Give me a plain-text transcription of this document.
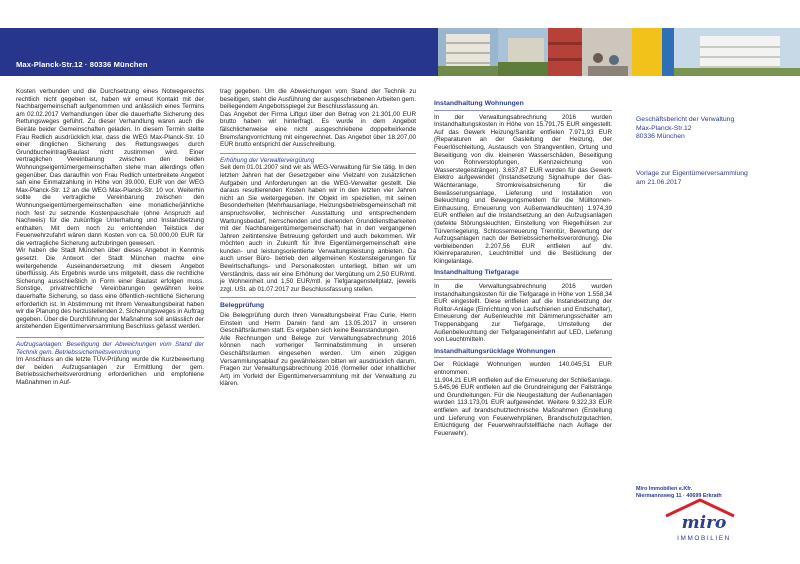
Max-Planck-Str.12 · 80336 München

Kosten verbunden und die Durchsetzung eines Notwegerechts rechtlich nicht gegeben ist, haben wir erneut Kontakt mit der Nachbargemeinschaft aufgenommen und anlässlich eines Termins am 02.02.2017 Verhandlungen über die dauerhafte Sicherung des Rettungsweges geführt. Zu dieser Verhandlung waren auch die Beiräte beider Gemeinschaften geladen. In diesem Termin stellte Frau Redlich ausdrücklich klar, dass die WEG Max-Planck-Str. 10 einer dinglichen Sicherung des Rettungsweges durch Grundbucheintrag/Baulast nicht zustimmen wird. Einer vertraglichen Vereinbarung zwischen den beiden Wohnungseigentümergemeinschaften stehe man allerdings offen gegenüber. Das daraufhin von Frau Redlich unterbreitete Angebot sah eine Einmalzahlung in Höhe von 39.000, EUR von der WEG Max-Planck-Str. 12 an die WEG Max-Planck-Str. 10 vor. Weiterhin sollte die vertragliche Vereinbarung zwischen den Wohnungseigentümergemeinschaften eine monatliche/jährliche noch fest zu setzende Kostenpauschale (ohne Anspruch auf Nachweis) für die zukünftige Unterhaltung und Instandsetzung enthalten. Mit dem noch zu errichtenden Teilstück der Feuerwehrzufahrt wären dann Kosten von ca. 50.000,00 EUR für die vertragliche Sicherung aufzubringen gewesen.

Wir haben die Stadt München über dieses Angebot in Kenntnis gesetzt. Die Antwort der Stadt München machte eine weitergehende Auseinandersetzung mit diesem Angebot überflüssig. Als Ergebnis wurde uns mitgeteilt, dass die rechtliche Sicherung ausschließlich in Form einer Baulast erfolgen muss. Sonstige, privatrechtliche Vereinbarungen gewähren keine dauerhafte Sicherung, so dass eine öffentlich-rechtliche Sicherung erforderlich ist. In Abstimmung mit Ihrem Verwaltungsbeirat haben wir die Planung des herzustellenden 2. Sicherungsweges in Auftrag gegeben. Über die Durchführung der Maßnahme soll anlässlich der anstehenden Eigentümerversammlung Beschluss gefasst werden.

Aufzugsanlagen: Beseitigung der Abweichungen vom Stand der Technik gem. Betriebssicherheitsverordnung

Im Anschluss an die letzte TÜV-Prüfung wurde die Kurzbewertung der beiden Aufzugsanlagen zur Ermittlung der gem. Betriebssicherheitsverordnung erforderlichen und empfohlene Maßnahmen in Auf-

trag gegeben. Um die Abweichungen vom Stand der Technik zu beseitigen, steht die Ausführung der ausgeschriebenen Arbeiten gem. beiliegendem Angebotsspiegel zur Beschlussfassung an.

Das Angebot der Firma Liftgut über den Betrag von 21.301,00 EUR brutto haben wir hinterfragt. Es wurde in dem Angebot fälschlicherweise eine nicht ausgeschriebene doppeltwirkende Bremsfangvorrichtung mit eingerechnet. Das Angebot über 18.207,00 EUR brutto entspricht der Ausschreibung.

Erhöhung der Verwaltervergütung

Seit dem 01.01.2007 sind wir als WEG-Verwaltung für Sie tätig. In den letzten Jahren hat der Gesetzgeber eine Vielzahl von zusätzlichen Aufgaben und Anforderungen an die WEG-Verwalter gestellt. Die daraus resultierenden Kosten haben wir in den letzten vier Jahren nicht an Sie weitergegeben. Ihr Objekt im speziellen, mit seinen Besonderheiten (Mehrhausanlage, Heizungsbetriebsgemeinschaft mit anspruchsvoller, technischer Ausstattung und entsprechendem Wartungsbedarf, herrschenden und dienenden Grunddienstbarkeiten mit der Nachbareigentümergemeinschaft) hat in den vergangenen Jahren zeitintensive Betreuung gefordert und auch bekommen. Wir möchten auch in Zukunft für Ihre Eigentümergemeinschaft eine kunden- und leistungsorientierte Verwaltungsleistung anbieten. Da auch unser Büro- betrieb den allgemeinen Kostensteigerungen für Bewirtschaftungs- und Personalkosten unterliegt, bitten wir um Verständnis, dass wir eine Erhöhung der Vergütung um 2,50 EUR/mtl. je Wohneinheit und 1,50 EUR/mtl. je Tiefgaragenstellplatz, jeweils zzgl. USt. ab 01.07.2017 zur Beschlussfassung stellen.

Belegprüfung

Die Belegprüfung durch Ihren Verwaltungsbeirat Frau Curie, Herrn Einstein und Herrn Darwin fand am 13.05.2017 in unseren Geschäftsräumen statt. Es ergaben sich keine Beanstandungen.

Alle Rechnungen und Belege zur Verwaltungsabrechnung 2016 können nach vorheriger Terminabstimmung in unseren Geschäftsräumen eingesehen werden. Um einen zügigen Versammlungsablauf zu gewährleisten bitten wir ausdrücklich darum, Fragen zur Verwaltungsabrechnung 2016 (formeller oder inhaltlicher Art) im Vorfeld der Eigentümerversammlung mit der Verwaltung zu klären.

Instandhaltung Wohnungen

In der Verwaltungsabrechnung 2016 wurden Instandhaltungskosten in Höhe von 15.791,75 EUR eingestellt. Auf das Gewerk Heizung/Sanitär entfielen 7.971,93 EUR (Reparaturen an der Gasleitung der Heizung, der Feuerlöschleitung, Austausch von Strangventilen, Ortung und Beseitigung von div. kleineren Wasserschäden, Beseitigung von Rohrverstopfungen, Kennzeichnung von Wasserstegeisträngen). 3.637,87 EUR wurden für das Gewerk Elektro aufgewendet (Instandsetzung Signalhupe der Gas-Wächteranlage, Stromkreisabsicherung für die Bewässerungsanlage, Lieferung und Installation von Beleuchtung und Bewegungsmeldern für die Mülltonnen-Einhausung, Erneuerung von Außenwandleuchten) 1.974,39 EUR entfielen auf die Instandsetzung an den Aufzugsanlagen (defekte Störungsleuchten, Einstellung von Riegelhülsen zur Türverriegelung, Schlosserneuerung Trenntür, Bewertung der Aufzugsanlagen nach der Betriebssicherheitsverordnung). Die verbleibenden 2.207,56 EUR entfielen auf div. Kleinreparaturen, Leuchtmittel und die Bestückung der Klingelanlage.

Instandhaltung Tiefgarage

In die Verwaltungsabrechnung 2016 wurden Instandhaltungskosten für die Tiefgarage in Höhe von 1.558,34 EUR eingestellt. Diese entfielen auf die Instandsetzung der Rolltor-Anlage (Einrichtung von Laufschienen und Endschalter), Erneuerung der Außenleuchte mit Dämmerungsschalter am Treppenabgang zur Tiefgarage, Umstellung der Außenbeleuchtung der Tiefgarageneinfahrt auf LED, Lieferung von Leuchtmitteln.

Instandhaltungsrücklage Wohnungen

Der Rücklage Wohnungen wurden 140.045,51 EUR entnommen.

11.904,21 EUR entfielen auf die Erneuerung der Schließanlage. 5.645,96 EUR entfielen auf die Grundreinigung der Fallstränge und Grundleitungen. Für die Neugestaltung der Außenanlagen wurden 113.173,01 EUR aufgewendet. Weitere 9.322,33 EUR entfielen auf brandschutztechnische Maßnahmen (Erstellung und Lieferung von Feuerwehrplänen, Brandschutzgutachten, Ertüchtigung der Feuerwehraufstellfläche nach Auflage der Feuerwehr).

Geschäftsbericht der Verwaltung
Max-Planck-Str.12
80336 München
Vorlage zur Eigentümerversammlung
am 21.06.2017
Miro Immobilien e.Kfr.
Niermannsweg 11 · 40699 Erkrath
miro
IMMOBILIEN
